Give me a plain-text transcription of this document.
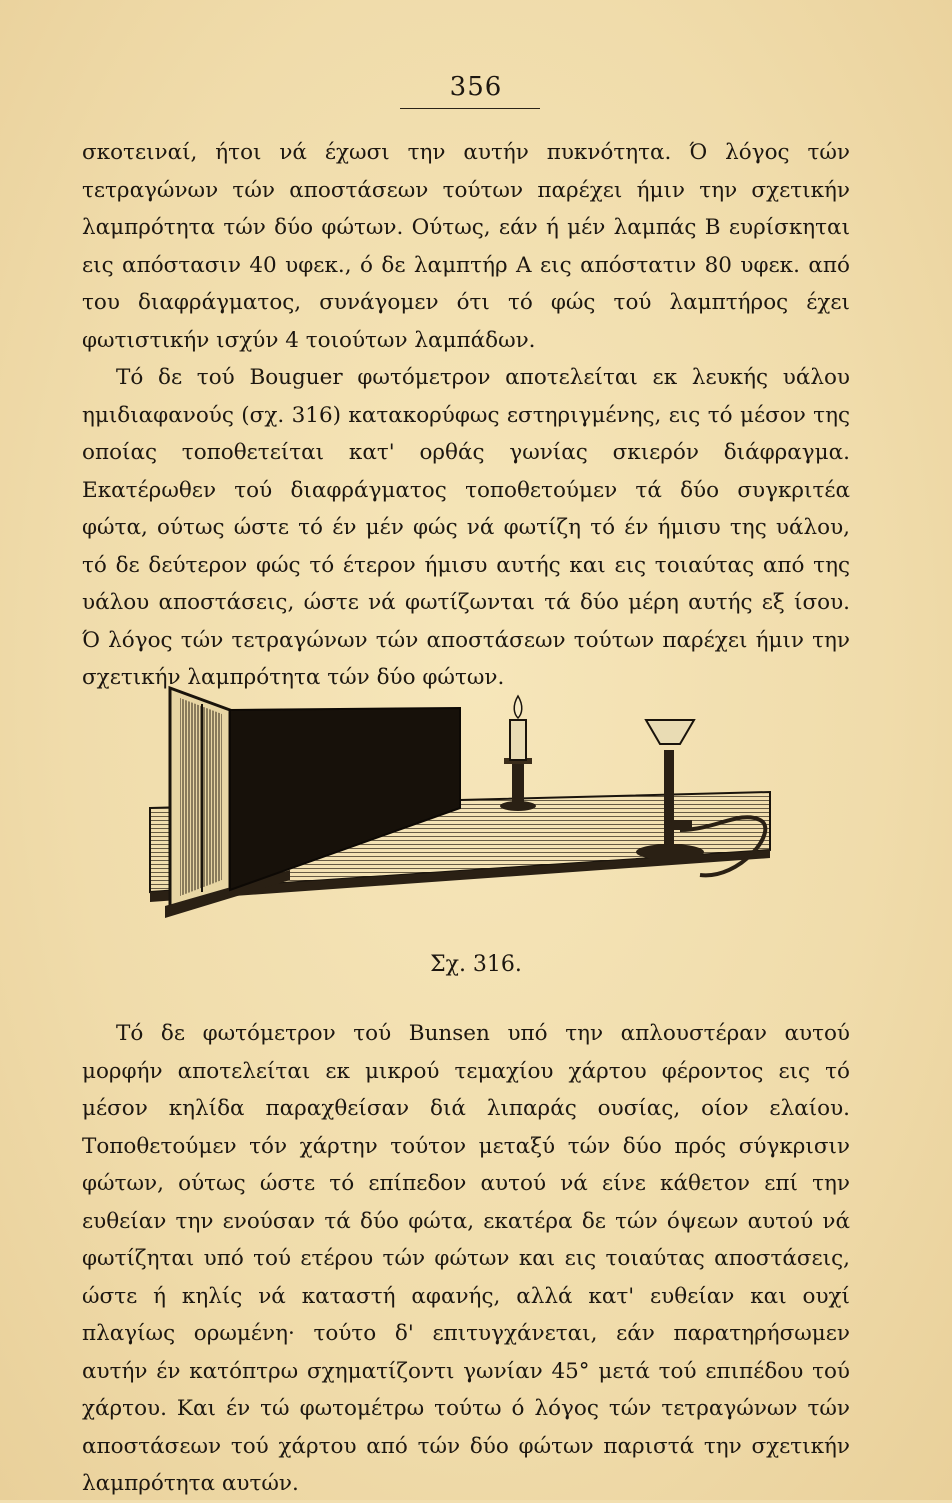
356

σκοτειναί, ήτοι νά έχωσι την αυτήν πυκνότητα. Ό λόγος τών τετραγώνων τών αποστάσεων τούτων παρέχει ήμιν την σχετικήν λαμπρότητα τών δύο φώτων. Ούτως, εάν ή μέν λαμπάς Β ευρίσκηται εις απόστασιν 40 υφεκ., ό δε λαμπτήρ Α εις απόστατιν 80 υφεκ. από του διαφράγματος, συνάγομεν ότι τό φώς τού λαμπτήρος έχει φωτιστικήν ισχύν 4 τοιούτων λαμπάδων.

Τό δε τού Bouguer φωτόμετρον αποτελείται εκ λευκής υάλου ημιδιαφανούς (σχ. 316) κατακορύφως εστηριγμένης, εις τό μέσον της οποίας τοποθετείται κατ' ορθάς γωνίας σκιερόν διάφραγμα. Εκατέρωθεν τού διαφράγματος τοποθετούμεν τά δύο συγκριτέα φώτα, ούτως ώστε τό έν μέν φώς νά φωτίζη τό έν ήμισυ της υάλου, τό δε δεύτερον φώς τό έτερον ήμισυ αυτής και εις τοιαύτας από της υάλου αποστάσεις, ώστε νά φωτίζωνται τά δύο μέρη αυτής εξ ίσου. Ό λόγος τών τετραγώνων τών αποστάσεων τούτων παρέχει ήμιν την σχετικήν λαμπρότητα τών δύο φώτων.

Σχ. 316.

Τό δε φωτόμετρον τού Bunsen υπό την απλουστέραν αυτού μορφήν αποτελείται εκ μικρού τεμαχίου χάρτου φέροντος εις τό μέσον κηλίδα παραχθείσαν διά λιπαράς ουσίας, οίον ελαίου. Τοποθετούμεν τόν χάρτην τούτον μεταξύ τών δύο πρός σύγκρισιν φώτων, ούτως ώστε τό επίπεδον αυτού νά είνε κάθετον επί την ευθείαν την ενούσαν τά δύο φώτα, εκατέρα δε τών όψεων αυτού νά φωτίζηται υπό τού ετέρου τών φώτων και εις τοιαύτας αποστάσεις, ώστε ή κηλίς νά καταστή αφανής, αλλά κατ' ευθείαν και ουχί πλαγίως ορωμένη· τούτο δ' επιτυγχάνεται, εάν παρατηρήσωμεν αυτήν έν κατόπτρω σχηματίζοντι γωνίαν 45° μετά τού επιπέδου τού χάρτου. Και έν τώ φωτομέτρω τούτω ό λόγος τών τετραγώνων τών αποστάσεων τού χάρτου από τών δύο φώτων παριστά την σχετικήν λαμπρότητα αυτών.
